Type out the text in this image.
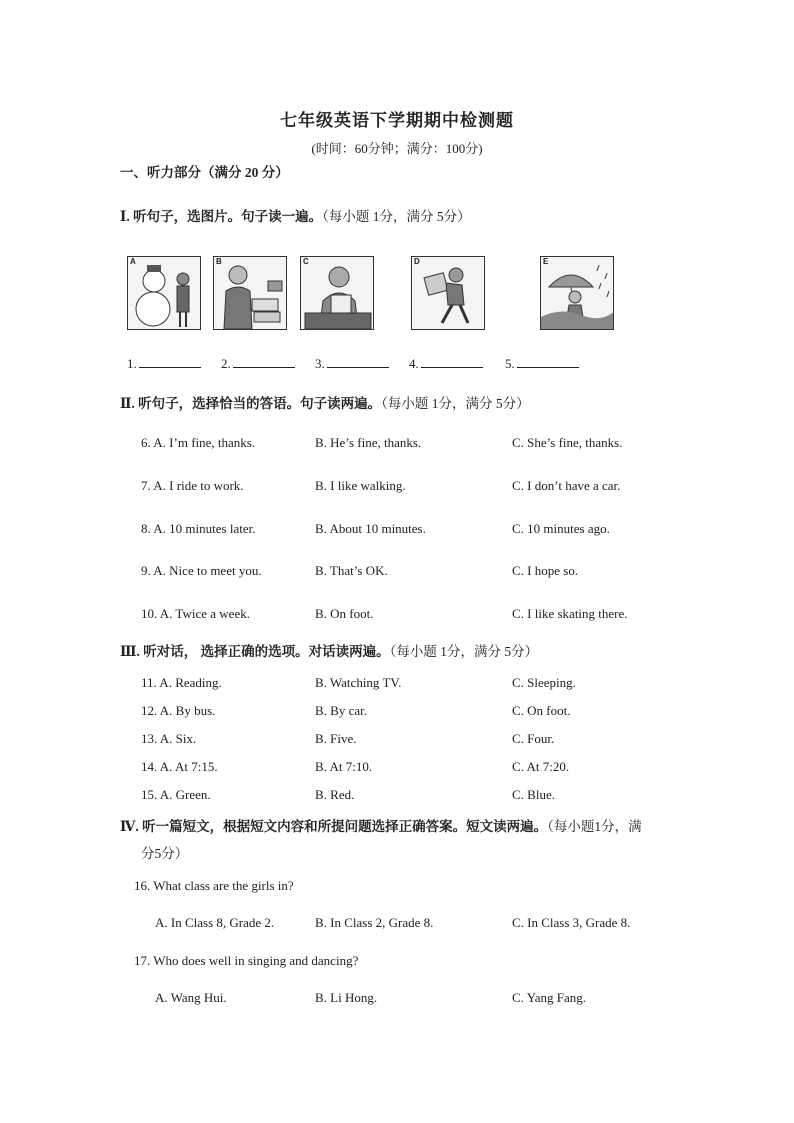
七年级英语下学期期中检测题
(时间：60分钟；满分：100分)
一、听力部分（满分 20 分）
Ⅰ. 听句子，选图片。句子读一遍。（每小题 1分，满分 5分）
A	B	C	D	E
1.	2.	3.	4.	5.
Ⅱ. 听句子，选择恰当的答语。句子读两遍。（每小题 1分，满分 5分）
6. A. I’m fine, thanks.	B. He’s fine, thanks.	C. She’s fine, thanks.
7. A. I ride to work.	B. I like walking.	C. I don’t have a car.
8. A. 10 minutes later.	B. About 10 minutes.	C. 10 minutes ago.
9. A. Nice to meet you.	B. That’s OK.	C. I hope so.
10. A. Twice a week.	B. On foot.	C. I like skating there.
Ⅲ. 听对话， 选择正确的选项。对话读两遍。（每小题 1分，满分 5分）
11. A. Reading.	B. Watching TV.	C. Sleeping.
12. A. By bus.	B. By car.	C. On foot.
13. A. Six.	B. Five.	C. Four.
14. A. At 7:15.	B. At 7:10.	C. At 7:20.
15. A. Green.	B. Red.	C. Blue.
Ⅳ. 听一篇短文，根据短文内容和所提问题选择正确答案。短文读两遍。（每小题1分，满
分5分）
16. What class are the girls in?
A. In Class 8, Grade 2.	B. In Class 2, Grade 8.	C. In Class 3, Grade 8.
17. Who does well in singing and dancing?
A. Wang Hui.	B. Li Hong.	C. Yang Fang.
